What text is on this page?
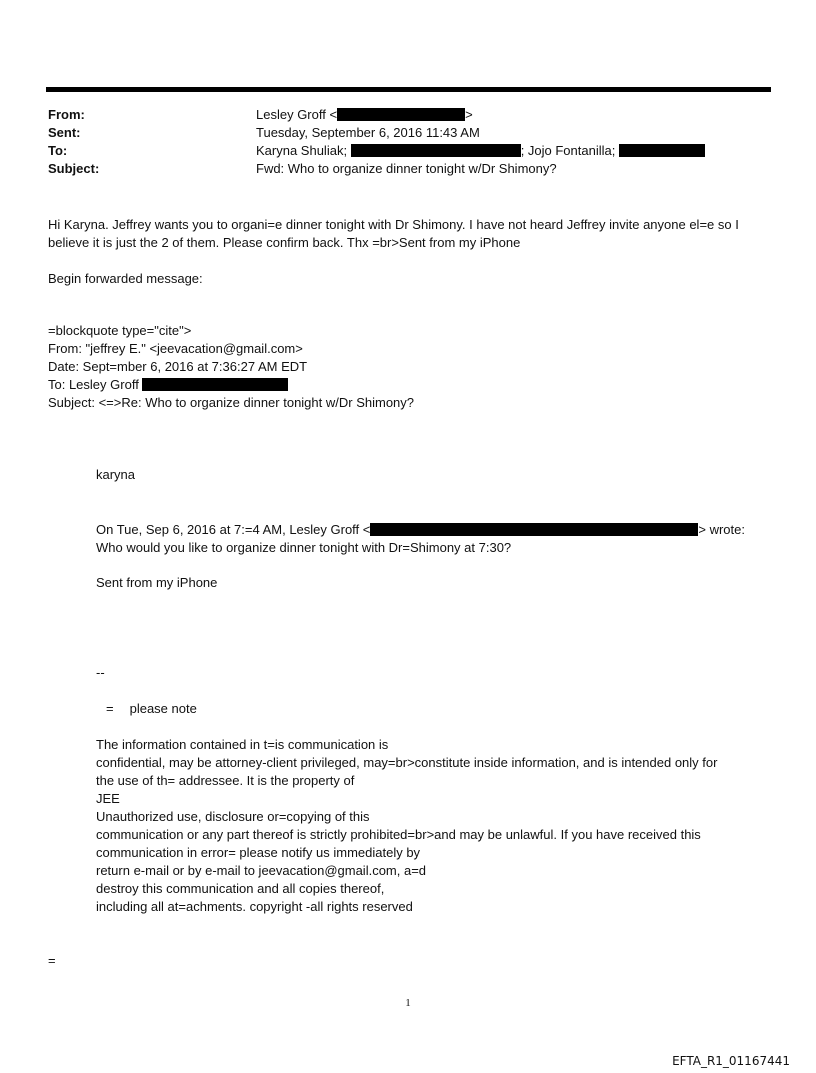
From:	Lesley Groff <	>
Sent:	Tuesday, September 6, 2016 11:43 AM
To:	Karyna Shuliak;	; Jojo Fontanilla;
Subject:	Fwd: Who to organize dinner tonight w/Dr Shimony?
Hi Karyna. Jeffrey wants you to organi=e dinner tonight with Dr Shimony. I have not heard Jeffrey invite anyone el=e so I
believe it is just the 2 of them. Please confirm back. Thx =br>Sent from my iPhone
Begin forwarded message:
=blockquote type="cite">
From: "jeffrey E." <jeevacation@gmail.com>
Date: Sept=mber 6, 2016 at 7:36:27 AM EDT
To: Lesley Groff
Subject: <=>Re: Who to organize dinner tonight w/Dr Shimony?
karyna
On Tue, Sep 6, 2016 at 7:=4 AM, Lesley Groff <	> wrote:
Who would you like to organize dinner tonight with Dr=Shimony at 7:30?
Sent from my iPhone
--
= please note
The information contained in t=is communication is
confidential, may be attorney-client privileged, may=br>constitute inside information, and is intended only for
the use of th= addressee. It is the property of
JEE
Unauthorized use, disclosure or=copying of this
communication or any part thereof is strictly prohibited=br>and may be unlawful. If you have received this
communication in error= please notify us immediately by
return e-mail or by e-mail to jeevacation@gmail.com, a=d
destroy this communication and all copies thereof,
including all at=achments. copyright -all rights reserved
=
1
EFTA_R1_01167441
